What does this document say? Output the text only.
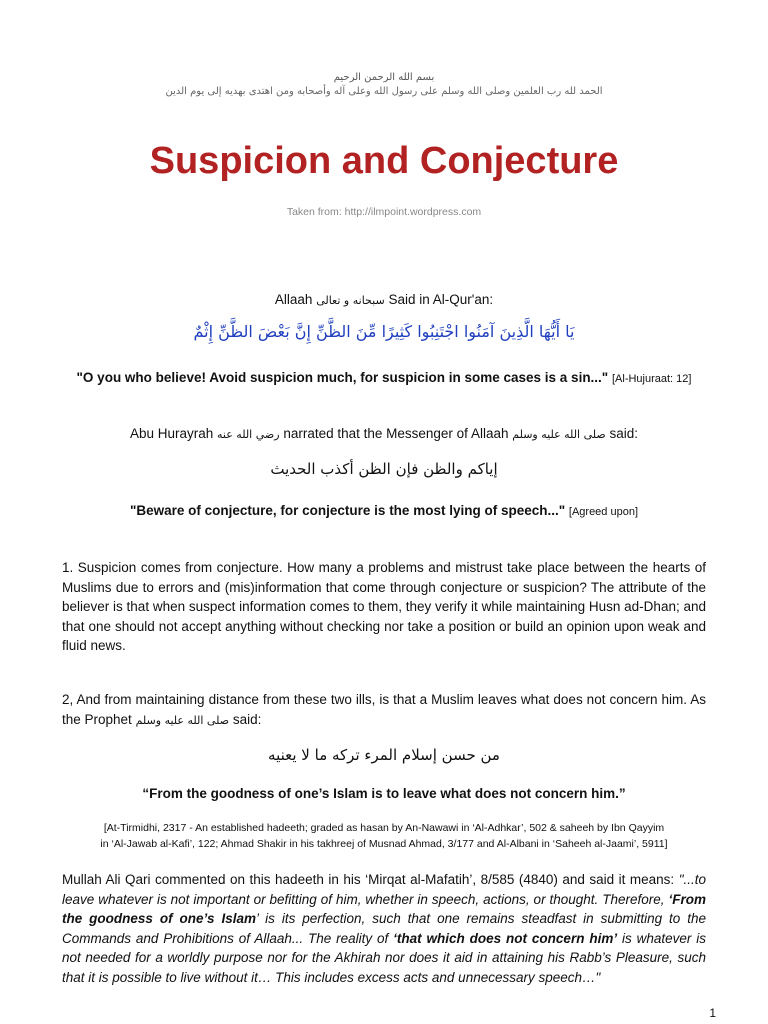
بسم الله الرحمن الرحيم
الحمد لله رب العلمين وصلى الله وسلم على رسول الله وعلى آله وأصحابه ومن اهتدى بهديه إلى يوم الدين
Suspicion and Conjecture
Taken from: http://ilmpoint.wordpress.com
Allaah سبحانه و تعالى Said in Al-Qur'an:
يَا أَيُّهَا الَّذِينَ آمَنُوا اجْتَنِبُوا كَثِيرًا مِّنَ الظَّنِّ إِنَّ بَعْضَ الظَّنِّ إِثْمٌ
"O you who believe! Avoid suspicion much, for suspicion in some cases is a sin..." [Al-Hujuraat: 12]
Abu Hurayrah رضي الله عنه narrated that the Messenger of Allaah صلى الله عليه وسلم said:
إياكم والظن فإن الظن أكذب الحديث
"Beware of conjecture, for conjecture is the most lying of speech..." [Agreed upon]
1. Suspicion comes from conjecture. How many a problems and mistrust take place between the hearts of Muslims due to errors and (mis)information that come through conjecture or suspicion? The attribute of the believer is that when suspect information comes to them, they verify it while maintaining Husn ad-Dhan; and that one should not accept anything without checking nor take a position or build an opinion upon weak and fluid news.
2, And from maintaining distance from these two ills, is that a Muslim leaves what does not concern him. As the Prophet صلى الله عليه وسلم said:
من حسن إسلام المرء تركه ما لا يعنيه
“From the goodness of one’s Islam is to leave what does not concern him.”
[At-Tirmidhi, 2317 - An established hadeeth; graded as hasan by An-Nawawi in ‘Al-Adhkar’, 502 & saheeh by Ibn Qayyim
in ‘Al-Jawab al-Kafi’, 122; Ahmad Shakir in his takhreej of Musnad Ahmad, 3/177 and Al-Albani in ‘Saheeh al-Jaami’, 5911]
Mullah Ali Qari commented on this hadeeth in his ‘Mirqat al-Mafatih’, 8/585 (4840) and said it means: "...to leave whatever is not important or befitting of him, whether in speech, actions, or thought. Therefore, ‘From the goodness of one’s Islam’ is its perfection, such that one remains steadfast in submitting to the Commands and Prohibitions of Allaah... The reality of ‘that which does not concern him’ is whatever is not needed for a worldly purpose nor for the Akhirah nor does it aid in attaining his Rabb’s Pleasure, such that it is possible to live without it… This includes excess acts and unnecessary speech…"
1
